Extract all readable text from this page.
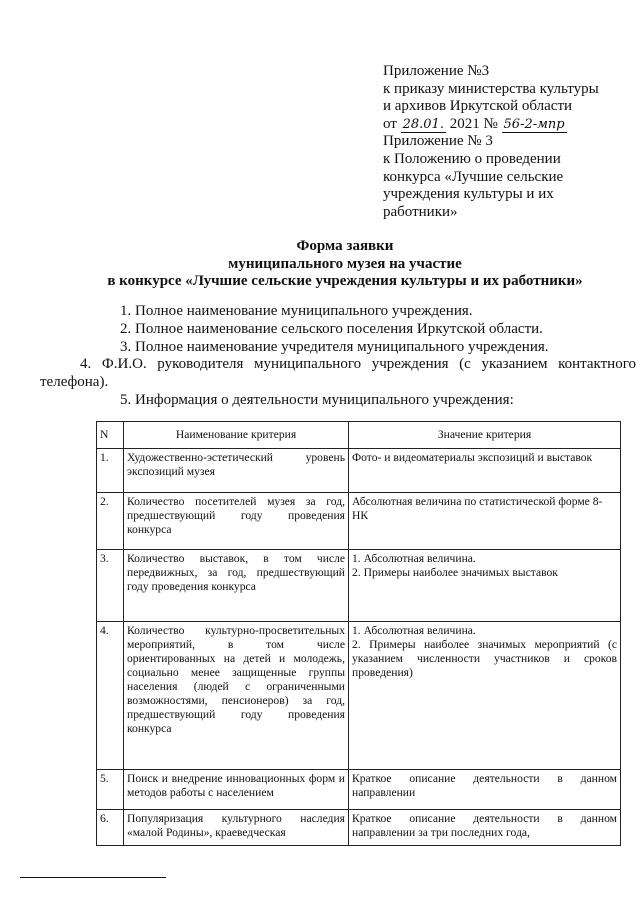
Приложение №3
к приказу министерства культуры
и архивов Иркутской области
от 28.01. 2021 № 56-2-мпр
Приложение № 3
к Положению о проведении
конкурса «Лучшие сельские
учреждения культуры и их
работники»
Форма заявки
муниципального музея на участие
в конкурсе «Лучшие сельские учреждения культуры и их работники»

1. Полное наименование муниципального учреждения.

2. Полное наименование сельского поселения Иркутской области.

3. Полное наименование учредителя муниципального учреждения.

4. Ф.И.О. руководителя муниципального учреждения (с указанием контактного телефона).

5. Информация о деятельности муниципального учреждения:

N	Наименование критерия	Значение критерия
1.	Художественно-эстетический уровень экспозиций музея	Фото- и видеоматериалы экспозиций и выставок
2.	Количество посетителей музея за год, предшествующий году проведения конкурса	Абсолютная величина по статистической форме 8-НК
3.	Количество выставок, в том числе передвижных, за год, предшествующий году проведения конкурса	1. Абсолютная величина.
2. Примеры наиболее значимых выставок
4.	Количество культурно-просветительных мероприятий, в том числе ориентированных на детей и молодежь, социально менее защищенные группы населения (людей с ограниченными возможностями, пенсионеров) за год, предшествующий году проведения конкурса	1. Абсолютная величина.
2. Примеры наиболее значимых мероприятий (с указанием численности участников и сроков проведения)
5.	Поиск и внедрение инновационных форм и методов работы с населением	Краткое описание деятельности в данном направлении
6.	Популяризация культурного наследия «малой Родины», краеведческая	Краткое описание деятельности в данном направлении за три последних года,
